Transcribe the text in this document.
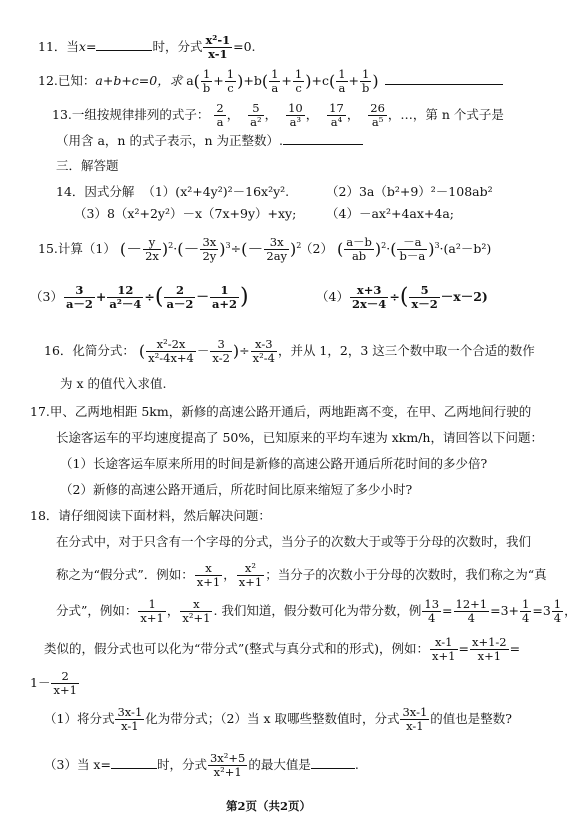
11．当x=	时，分式 $\frac{\text{x²-1}}{x-1} =0$.
12.已知：a+b+c=0，求 $a( \frac{1}{b} + \frac{1}{c} )+b( \frac{1}{a} + \frac{1}{c} )+c( \frac{1}{a} + \frac{1}{b}$ )
13.一组按规律排列的式子： $\frac{2}{a}$ ， $\frac{5}{\text{a²}}$ ， $\frac{10}{\text{a³}}$ ， $\frac{17}{\text{a⁴}}$ ， $\frac{26}{\text{a⁵}}$ ，…，第 n 个式子是
（用含 a，n 的式子表示，n 为正整数）.
三．解答题
14．因式分解 （1）(x²+4y²)²－16x²y².	（2）3a（b²+9）²－108ab²
（3）8（x²+2y²）－x（7x+9y）+xy; （4）－ax²+4ax+4a;
15.计算（1） (－ $\frac{y}{2x} )^2\cdot(- \frac{3x}{2y} )^3\div(- \frac{3x}{2ay} )^2$
（2） ( $\frac{a-b}{ab} )^2\cdot( \frac{-a}{b-a} )^3\cdot(a^2-b^2)$
$(3) \frac{3}{a-2} + \frac{12}{\text{a²－4}}$ ÷( $\frac{2}{a-2} - \frac{1}{a+2}$ )	$(4) \frac{x+3}{2x-4}$ ÷( $\frac{5}{x-2} -x-2$)
16．化简分式： ( $\frac{\text{x²-2x}}{\text{x²-4x+4}} - \frac{3}{x-2}$ )÷ $\frac{x-3}{\text{x²-4}}$ ，并从 1，2，3 这三个数中取一个合适的数作
为 x 的值代入求值.
17.甲、乙两地相距 5km，新修的高速公路开通后，两地距离不变，在甲、乙两地间行驶的
长途客运车的平均速度提高了 50%，已知原来的平均车速为 xkm/h，请回答以下问题：
（1）长途客运车原来所用的时间是新修的高速公路开通后所花时间的多少倍?
（2）新修的高速公路开通后，所花时间比原来缩短了多少小时?
18．请仔细阅读下面材料，然后解决问题：
在分式中，对于只含有一个字母的分式，当分子的次数大于或等于分母的次数时，我们
称之为“假分式”．例如： $\frac{x}{x+1}$ ， $\frac{\text{x²}}{x+1}$ ；当分子的次数小于分母的次数时，我们称之为“真
分式”，例如： $\frac{1}{x+1}$ ， $\frac{x}{\text{x²+1}}$ . 我们知道，假分数可化为带分数，例 $\frac{13}{4} = \frac{12+1}{4} =3+ \frac{1}{4} =3 \frac{1}{4}$ ，
类似的，假分式也可以化为“带分式”(整式与真分式和的形式)，例如： $\frac{x-1}{x+1} = \frac{x+1-2}{x+1}$ =
$1- \frac{2}{x+1}$
（1）将分式 $\frac{3x-1}{x-1}$ 化为带分式；（2）当 x 取哪些整数值时，分式 $\frac{3x-1}{x-1}$ 的值也是整数?
（3）当 x=	时，分式 $\frac{\text{3x²+5}}{\text{x²+1}}$ 的最大值是	.
第2页（共2页）
